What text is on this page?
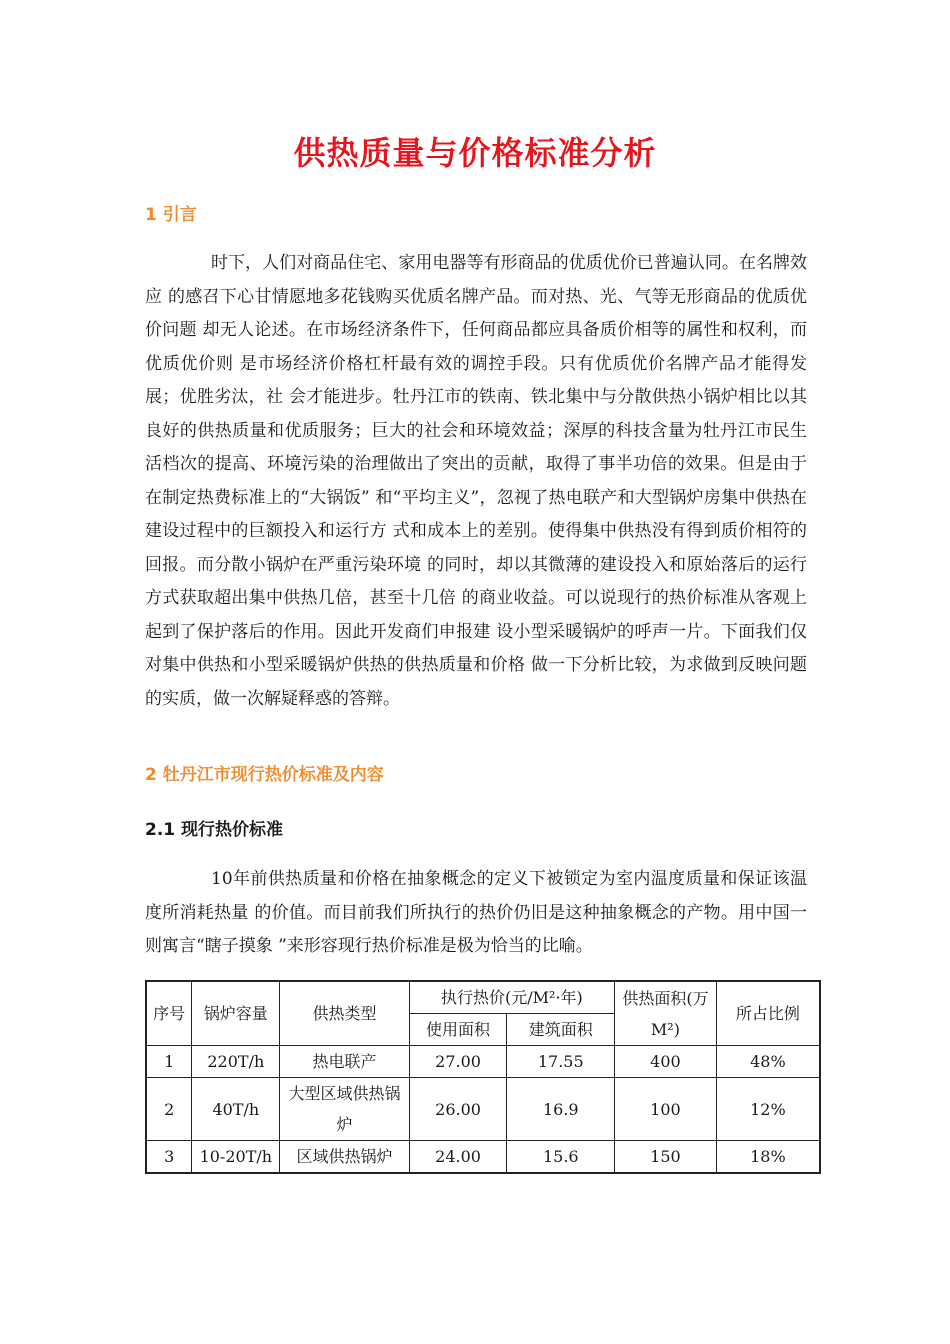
供热质量与价格标准分析
1 引言

时下，人们对商品住宅、家用电器等有形商品的优质优价已普遍认同。在名牌效应 的感召下心甘情愿地多花钱购买优质名牌产品。而对热、光、气等无形商品的优质优价问题 却无人论述。在市场经济条件下，任何商品都应具备质价相等的属性和权利，而优质优价则 是市场经济价格杠杆最有效的调控手段。只有优质优价名牌产品才能得发展；优胜劣汰，社 会才能进步。牡丹江市的铁南、铁北集中与分散供热小锅炉相比以其良好的供热质量和优质服务；巨大的社会和环境效益；深厚的科技含量为牡丹江市民生活档次的提高、环境污染的治理做出了突出的贡献，取得了事半功倍的效果。但是由于在制定热费标准上的“大锅饭” 和“平均主义”，忽视了热电联产和大型锅炉房集中供热在建设过程中的巨额投入和运行方 式和成本上的差别。使得集中供热没有得到质价相符的回报。而分散小锅炉在严重污染环境 的同时，却以其微薄的建设投入和原始落后的运行方式获取超出集中供热几倍，甚至十几倍 的商业收益。可以说现行的热价标准从客观上起到了保护落后的作用。因此开发商们申报建 设小型采暖锅炉的呼声一片。下面我们仅对集中供热和小型采暖锅炉供热的供热质量和价格 做一下分析比较，为求做到反映问题的实质，做一次解疑释惑的答辩。

2 牡丹江市现行热价标准及内容
2.1 现行热价标准

10年前供热质量和价格在抽象概念的定义下被锁定为室内温度质量和保证该温度所消耗热量 的价值。而目前我们所执行的热价仍旧是这种抽象概念的产物。用中国一则寓言“瞎子摸象 ”来形容现行热价标准是极为恰当的比喻。

序号	锅炉容量	供热类型	执行热价(元/M²·年)		供热面积(万M²)	所占比例
			使用面积	建筑面积		
1	220T/h	热电联产	27.00	17.55	400	48%
2	40T/h	大型区域供热锅炉	26.00	16.9	100	12%
3	10-20T/h	区域供热锅炉	24.00	15.6	150	18%
